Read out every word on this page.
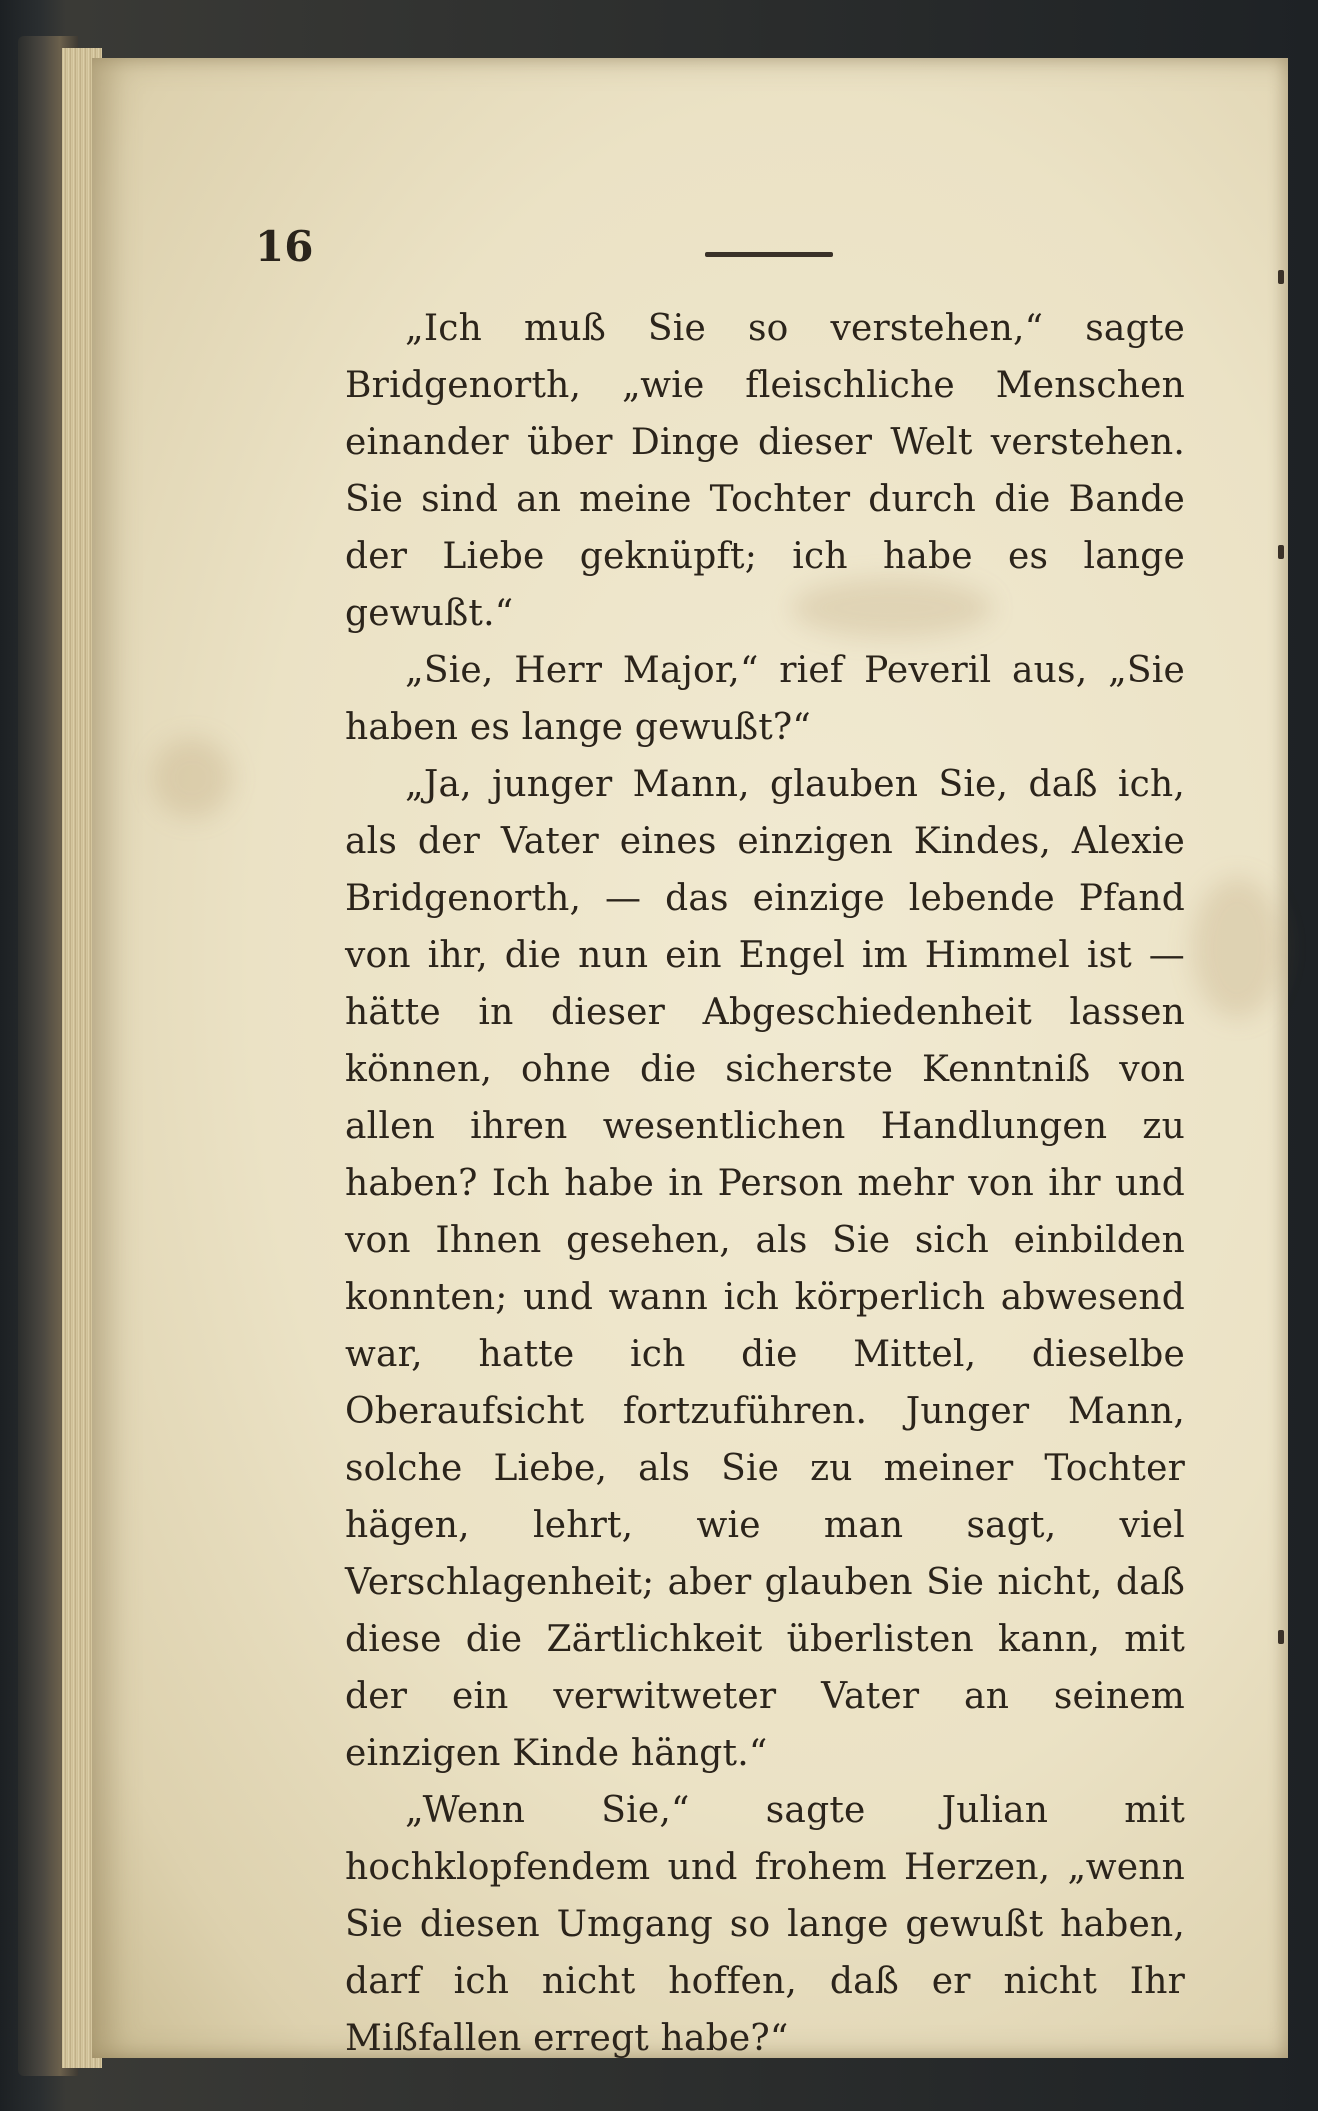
16

„Ich muß Sie so verstehen,“ sagte Bridgenorth, „wie fleischliche Menschen einander über Dinge dieser Welt verstehen. Sie sind an meine Tochter durch die Bande der Liebe geknüpft; ich habe es lange gewußt.“

„Sie, Herr Major,“ rief Peveril aus, „Sie haben es lange gewußt?“

„Ja, junger Mann, glauben Sie, daß ich, als der Vater eines einzigen Kindes, Alexie Bridgenorth, — das einzige lebende Pfand von ihr, die nun ein Engel im Himmel ist — hätte in dieser Abgeschiedenheit lassen können, ohne die sicherste Kenntniß von allen ihren wesentlichen Handlungen zu haben? Ich habe in Person mehr von ihr und von Ihnen gesehen, als Sie sich einbilden konnten; und wann ich körperlich abwesend war, hatte ich die Mittel, dieselbe Oberaufsicht fortzuführen. Junger Mann, solche Liebe, als Sie zu meiner Tochter hägen, lehrt, wie man sagt, viel Verschlagenheit; aber glauben Sie nicht, daß diese die Zärtlichkeit überlisten kann, mit der ein verwitweter Vater an seinem einzigen Kinde hängt.“

„Wenn Sie,“ sagte Julian mit hochklopfendem und frohem Herzen, „wenn Sie diesen Umgang so lange gewußt haben, darf ich nicht hoffen, daß er nicht Ihr Mißfallen erregt habe?“
